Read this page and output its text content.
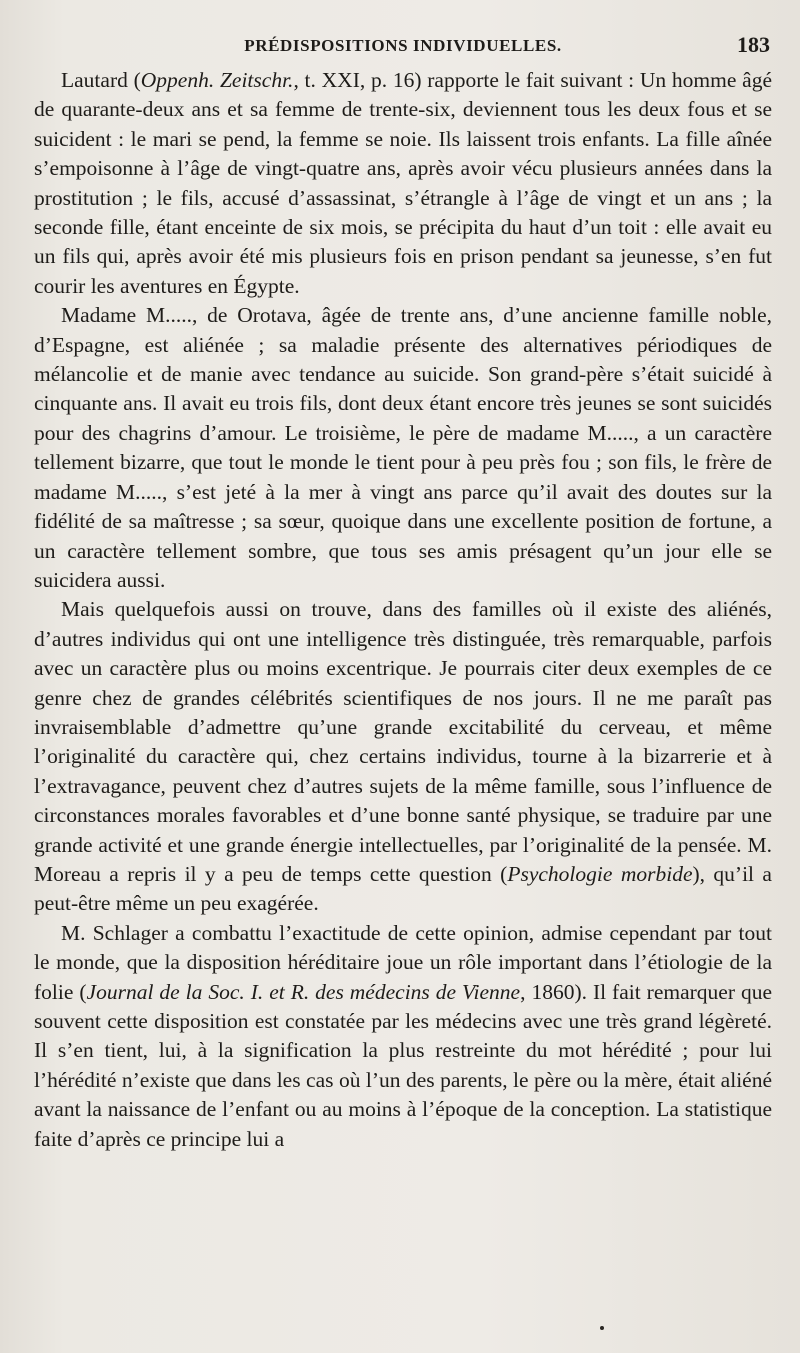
PRÉDISPOSITIONS INDIVIDUELLES.	183

Lautard (Oppenh. Zeitschr., t. XXI, p. 16) rapporte le fait suivant : Un homme âgé de quarante-deux ans et sa femme de trente-six, deviennent tous les deux fous et se suicident : le mari se pend, la femme se noie. Ils laissent trois enfants. La fille aînée s’empoisonne à l’âge de vingt-quatre ans, après avoir vécu plusieurs années dans la prostitution ; le fils, accusé d’assassinat, s’étrangle à l’âge de vingt et un ans ; la seconde fille, étant enceinte de six mois, se précipita du haut d’un toit : elle avait eu un fils qui, après avoir été mis plusieurs fois en prison pendant sa jeunesse, s’en fut courir les aventures en Égypte.

Madame M....., de Orotava, âgée de trente ans, d’une ancienne famille noble, d’Espagne, est aliénée ; sa maladie présente des alternatives périodiques de mélancolie et de manie avec tendance au suicide. Son grand-père s’était suicidé à cinquante ans. Il avait eu trois fils, dont deux étant encore très jeunes se sont suicidés pour des chagrins d’amour. Le troisième, le père de madame M....., a un caractère tellement bizarre, que tout le monde le tient pour à peu près fou ; son fils, le frère de madame M....., s’est jeté à la mer à vingt ans parce qu’il avait des doutes sur la fidélité de sa maîtresse ; sa sœur, quoique dans une excellente position de fortune, a un caractère tellement sombre, que tous ses amis présagent qu’un jour elle se suicidera aussi.

Mais quelquefois aussi on trouve, dans des familles où il existe des aliénés, d’autres individus qui ont une intelligence très distinguée, très remarquable, parfois avec un caractère plus ou moins excentrique. Je pourrais citer deux exemples de ce genre chez de grandes célébrités scientifiques de nos jours. Il ne me paraît pas invraisemblable d’admettre qu’une grande excitabilité du cerveau, et même l’originalité du caractère qui, chez certains individus, tourne à la bizarrerie et à l’extravagance, peuvent chez d’autres sujets de la même famille, sous l’influence de circonstances morales favorables et d’une bonne santé physique, se traduire par une grande activité et une grande énergie intellectuelles, par l’originalité de la pensée. M. Moreau a repris il y a peu de temps cette question (Psychologie morbide), qu’il a peut-être même un peu exagérée.

M. Schlager a combattu l’exactitude de cette opinion, admise cependant par tout le monde, que la disposition héréditaire joue un rôle important dans l’étiologie de la folie (Journal de la Soc. I. et R. des médecins de Vienne, 1860). Il fait remarquer que souvent cette disposition est constatée par les médecins avec une très grand légèreté. Il s’en tient, lui, à la signification la plus restreinte du mot hérédité ; pour lui l’hérédité n’existe que dans les cas où l’un des parents, le père ou la mère, était aliéné avant la naissance de l’enfant ou au moins à l’époque de la conception. La statistique faite d’après ce principe lui a
